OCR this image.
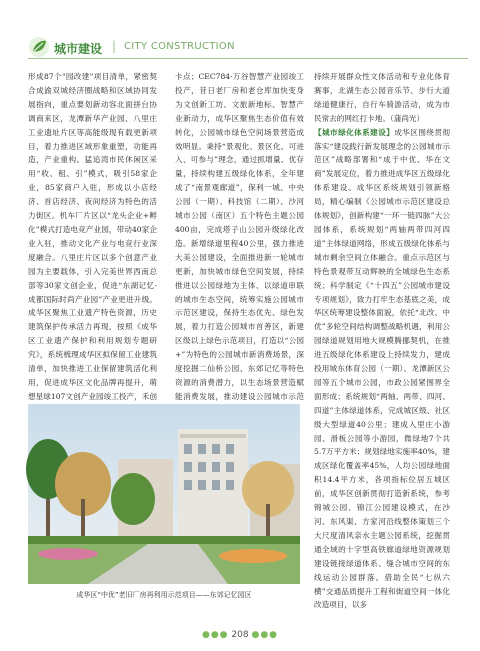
城市建设 | CITY CONSTRUCTION

形成87个"园改建"项目清单，紧密契合成渝双城经济圈战略和区域协同发展指向，重点要划新动容北面拼台协调商来区，龙潭新华产业园、八里庄工业遗址片区等高能级现有载更新项目，着力推进区域形象重塑，功能再造，产业重构。猛追湾市民休闲区采用“收、租、引”模式，吸引58家企业，85家商户入驻，形成以小店经济、首店经济、夜间经济为特色的活力街区。机车厂片区以“龙头企业+孵化”模式打造电竞产业园，带动40家企业入驻，推动文化产业与电竞行业深度融合。八里庄片区以多个创意产业园为主要载体，引入完美世界西南总部等30家文创企业，促进“东湖记忆·成都国际时尚产业园”产业更进升级。成华区聚焦工业遗产特色资源，历史建筑保护传承活力再现，按照《成华区工业遗产保护和利用规划专题研究》，系统梳理成华区拟保留工业建筑清单，加快推进工业保留建筑活化利用，促进成华区文化品牌再提升，萌想星球107文创产业园竣工投产，禾创

卡点；CEC784·万谷智慧产业园竣工投产，昔日老厂房和老仓库加快变身为文创新工坊、文旅新地标、智慧产业新动力，成华区聚焦生态价值有效转化，公园城市绿色空间场景营造成效明显。秉持“景观化、景区化、可进入、可参与”理念，通过抓增量、优存量，持续构建五级绿化体系，全年建成了“南景观廊道”，保利一城、中央公园（一期）、科技馆（二期）、沙河城市公园（南区）五个特色主题公园400亩，完成塔子山公园升级绿化改造。新增绿道里程40公里，强力推进大美公园建设，全面推进新一轮城市更新，加快城市绿色空间发展，持续推进以公园绿地为主体、以绿道串联的城市生态空间，统筹实施公园城市示范区建设，保持生态优先、绿色发展，着力打造公园城市首善区，新建区级以上绿色示范项目，打造以“公园+”为特色的公园城市新消费场景，深度挖掘二仙桥公园、东郊记忆等特色资源的消费潜力，以生态场景营造赋能消费发展，推动建设公园城市示范

持续开展群众性文体活动和专业化体育赛事，北湖生态公园音乐节、步行大道绿道健康行，自行车骑游活动，成为市民常去的网红打卡地。（蒲尚光）

【城市绿化体系建设】成华区围绕贯彻落实“建设践行新发展理念的公园城市示范区”战略部署和“成于中优、华在文商”发展定位，着力推进成华区五级绿化体系建设。成华区系统规划引领新格局，精心编制《公园城市示范区建设总体规划》，创新构建“一环一链四脉”大公园体系，系统规划“两轴两带四河四道”主体绿道网络，形成五级绿化体系与城市剩余空间立体融合。重点示范区与特色景观带互动辉映的全城绿色生态系统；科学制定《“十四五”公园城市建设专项规划》，致力打牢生态基底之美，成华区统筹建设整体面貌，依托“北改、中优”多轮空间结构调整战略机遇，利用公园绿道规划用地大规模腾挪契机，在推进五级绿化体系建设上持续发力，建成投用城东体育公园（一期）、龙潭新区公园等五个城市公园，市政公园紧围界全面形成；系统规划“两轴、两带、四河、四道”主体绿道体系，完成城区级、社区级大型绿道40公里；建成入里庄小游园、滑板公园等小游园，微绿地7个共5.7万平方米；规划绿地实施率40%，建成区绿化覆盖率45%，人均公园绿地面积14.4平方米，各项指标位居五城区前，成华区创新贯彻打造新系统，参考锦城公园、锦江公园建设模式，在沙河、东风渠、方家河沿线整体策划三个大尺度清风亲水主题公园系统，挖掘贯通全域的十字型高铁廊道绿地资源规划建设链接绿道体系、缝合城市空间的东线运动公园群落。借助全民“七纵六横”交通品质提升工程和街道空间一体化改造项目，以多

成华区“中优”老旧厂房再利用示范项目——东郊记忆园区
●●● 208 ●●●
